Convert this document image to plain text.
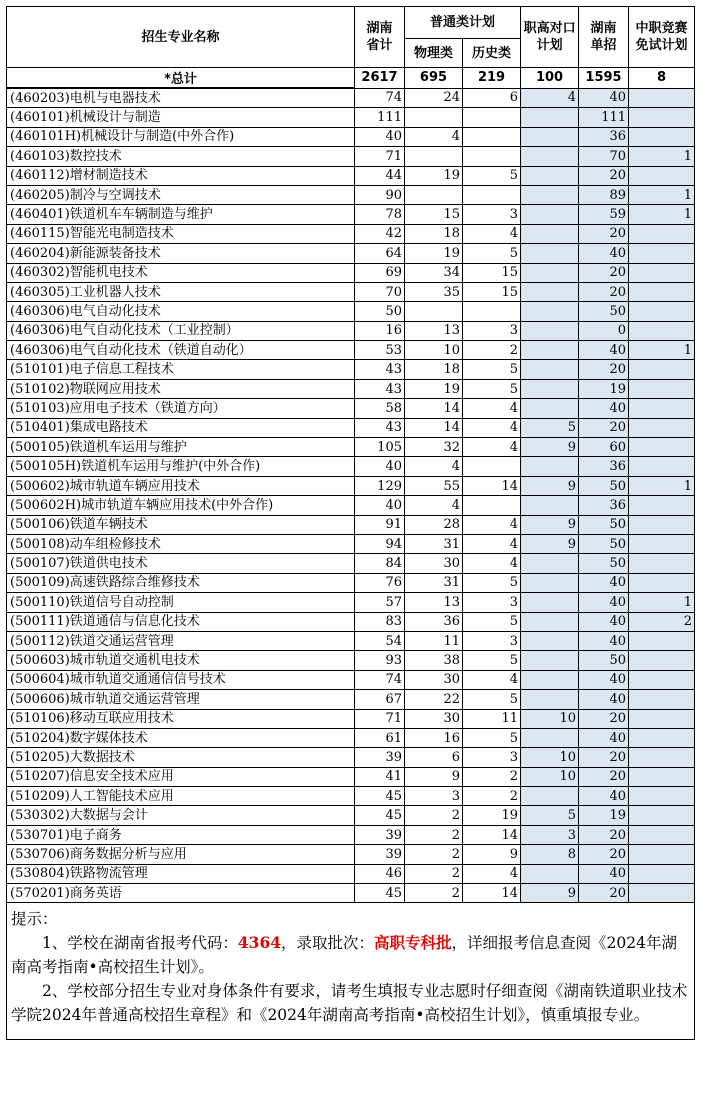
招生专业名称	湖南省计	普通类计划		职高对口计划	湖南单招	中职竞赛免试计划

		物理类	历史类			
*总计	2617	695	219	100	1595	8
(460203)电机与电器技术	74	24	6	4	40	
(460101)机械设计与制造	111				111	
(460101H)机械设计与制造(中外合作)	40	4			36	
(460103)数控技术	71				70	1
(460112)增材制造技术	44	19	5		20	
(460205)制冷与空调技术	90				89	1
(460401)铁道机车车辆制造与维护	78	15	3		59	1
(460115)智能光电制造技术	42	18	4		20	
(460204)新能源装备技术	64	19	5		40	
(460302)智能机电技术	69	34	15		20	
(460305)工业机器人技术	70	35	15		20	
(460306)电气自动化技术	50				50	
(460306)电气自动化技术（工业控制）	16	13	3		0	
(460306)电气自动化技术（铁道自动化）	53	10	2		40	1
(510101)电子信息工程技术	43	18	5		20	
(510102)物联网应用技术	43	19	5		19	
(510103)应用电子技术（铁道方向）	58	14	4		40	
(510401)集成电路技术	43	14	4	5	20	
(500105)铁道机车运用与维护	105	32	4	9	60	
(500105H)铁道机车运用与维护(中外合作)	40	4			36	
(500602)城市轨道车辆应用技术	129	55	14	9	50	1
(500602H)城市轨道车辆应用技术(中外合作)	40	4			36	
(500106)铁道车辆技术	91	28	4	9	50	
(500108)动车组检修技术	94	31	4	9	50	
(500107)铁道供电技术	84	30	4		50	
(500109)高速铁路综合维修技术	76	31	5		40	
(500110)铁道信号自动控制	57	13	3		40	1
(500111)铁道通信与信息化技术	83	36	5		40	2
(500112)铁道交通运营管理	54	11	3		40	
(500603)城市轨道交通机电技术	93	38	5		50	
(500604)城市轨道交通通信信号技术	74	30	4		40	
(500606)城市轨道交通运营管理	67	22	5		40	
(510106)移动互联应用技术	71	30	11	10	20	
(510204)数字媒体技术	61	16	5		40	
(510205)大数据技术	39	6	3	10	20	
(510207)信息安全技术应用	41	9	2	10	20	
(510209)人工智能技术应用	45	3	2		40	
(530302)大数据与会计	45	2	19	5	19	
(530701)电子商务	39	2	14	3	20	
(530706)商务数据分析与应用	39	2	9	8	20	
(530804)铁路物流管理	46	2	4		40	
(570201)商务英语	45	2	14	9	20	

提示：

1、学校在湖南省报考代码：4364，录取批次：高职专科批，详细报考信息查阅《2024年湖南高考指南•高校招生计划》。

2、学校部分招生专业对身体条件有要求，请考生填报专业志愿时仔细查阅《湖南铁道职业技术学院2024年普通高校招生章程》和《2024年湖南高考指南•高校招生计划》，慎重填报专业。
